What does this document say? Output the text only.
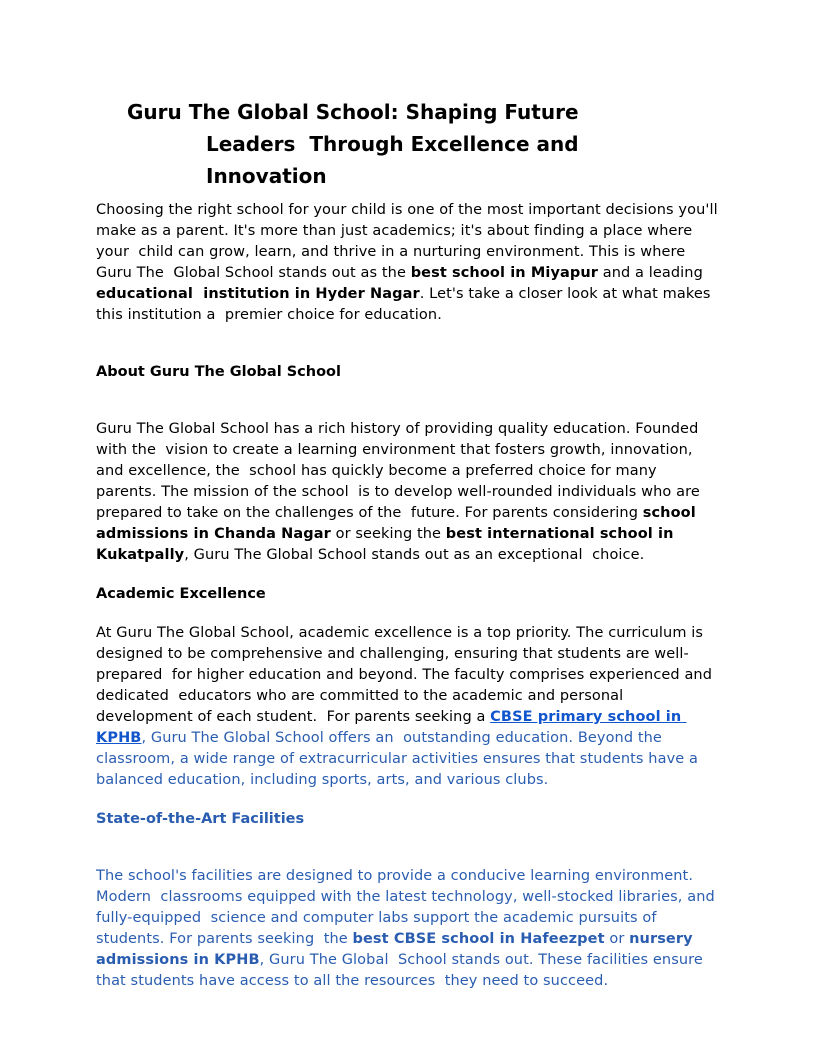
Guru The Global School: Shaping Future
Leaders  Through Excellence and
Innovation

Choosing the right school for your child is one of the most important decisions you'll  make as a parent. It's more than just academics; it's about finding a place where your  child can grow, learn, and thrive in a nurturing environment. This is where Guru The  Global School stands out as the best school in Miyapur and a leading educational  institution in Hyder Nagar. Let's take a closer look at what makes this institution a  premier choice for education.

About Guru The Global School

Guru The Global School has a rich history of providing quality education. Founded with the  vision to create a learning environment that fosters growth, innovation, and excellence, the  school has quickly become a preferred choice for many parents. The mission of the school  is to develop well-rounded individuals who are prepared to take on the challenges of the  future. For parents considering school admissions in Chanda Nagar or seeking the best international school in Kukatpally, Guru The Global School stands out as an exceptional  choice.

Academic Excellence

At Guru The Global School, academic excellence is a top priority. The curriculum is  designed to be comprehensive and challenging, ensuring that students are well-prepared  for higher education and beyond. The faculty comprises experienced and dedicated  educators who are committed to the academic and personal development of each student.  For parents seeking a CBSE primary school in KPHB, Guru The Global School offers an  outstanding education. Beyond the classroom, a wide range of extracurricular activities ensures that students have a balanced education, including sports, arts, and various clubs.

State-of-the-Art Facilities

The school's facilities are designed to provide a conducive learning environment. Modern  classrooms equipped with the latest technology, well-stocked libraries, and fully-equipped  science and computer labs support the academic pursuits of students. For parents seeking  the best CBSE school in Hafeezpet or nursery admissions in KPHB, Guru The Global  School stands out. These facilities ensure that students have access to all the resources  they need to succeed.
